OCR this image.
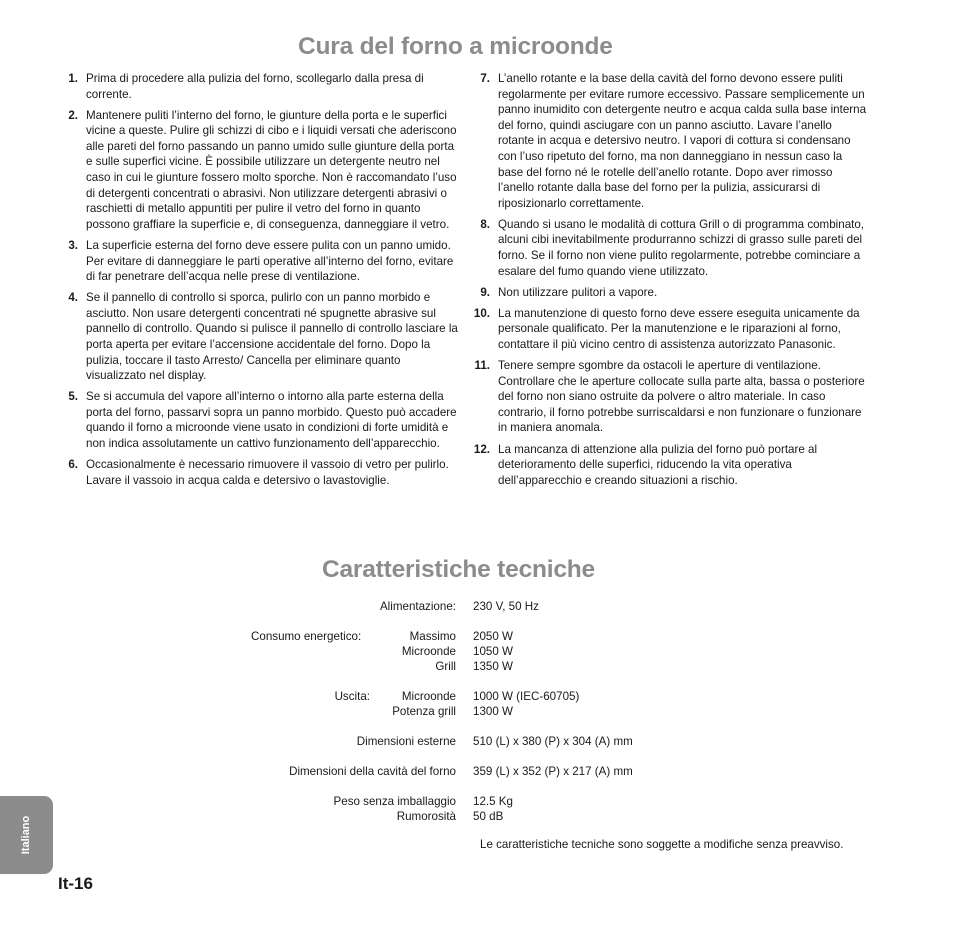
Cura del forno a microonde
1. Prima di procedere alla pulizia del forno, scollegarlo dalla presa di corrente.
2. Mantenere puliti l’interno del forno, le giunture della porta e le superfici vicine a queste. Pulire gli schizzi di cibo e i liquidi versati che aderiscono alle pareti del forno passando un panno umido sulle giunture della porta e sulle superfici vicine. È possibile utilizzare un detergente neutro nel caso in cui le giunture fossero molto sporche. Non è raccomandato l’uso di detergenti concentrati o abrasivi. Non utilizzare detergenti abrasivi o raschietti di metallo appuntiti per pulire il vetro del forno in quanto possono graffiare la superficie e, di conseguenza, danneggiare il vetro.
3. La superficie esterna del forno deve essere pulita con un panno umido. Per evitare di danneggiare le parti operative all’interno del forno, evitare di far penetrare dell’acqua nelle prese di ventilazione.
4. Se il pannello di controllo si sporca, pulirlo con un panno morbido e asciutto. Non usare detergenti concentrati né spugnette abrasive sul pannello di controllo. Quando si pulisce il pannello di controllo lasciare la porta aperta per evitare l’accensione accidentale del forno. Dopo la pulizia, toccare il tasto Arresto/ Cancella per eliminare quanto visualizzato nel display.
5. Se si accumula del vapore all’interno o intorno alla parte esterna della porta del forno, passarvi sopra un panno morbido. Questo può accadere quando il forno a microonde viene usato in condizioni di forte umidità e non indica assolutamente un cattivo funzionamento dell’apparecchio.
6. Occasionalmente è necessario rimuovere il vassoio di vetro per pulirlo. Lavare il vassoio in acqua calda e detersivo o lavastoviglie.
7. L’anello rotante e la base della cavità del forno devono essere puliti regolarmente per evitare rumore eccessivo. Passare semplicemente un panno inumidito con detergente neutro e acqua calda sulla base interna del forno, quindi asciugare con un panno asciutto. Lavare l’anello rotante in acqua e detersivo neutro. I vapori di cottura si condensano con l’uso ripetuto del forno, ma non danneggiano in nessun caso la base del forno né le rotelle dell’anello rotante. Dopo aver rimosso l’anello rotante dalla base del forno per la pulizia, assicurarsi di riposizionarlo correttamente.
8. Quando si usano le modalità di cottura Grill o di programma combinato, alcuni cibi inevitabilmente produrranno schizzi di grasso sulle pareti del forno. Se il forno non viene pulito regolarmente, potrebbe cominciare a esalare del fumo quando viene utilizzato.
9. Non utilizzare pulitori a vapore.
10. La manutenzione di questo forno deve essere eseguita unicamente da personale qualificato. Per la manutenzione e le riparazioni al forno, contattare il più vicino centro di assistenza autorizzato Panasonic.
11. Tenere sempre sgombre da ostacoli le aperture di ventilazione. Controllare che le aperture collocate sulla parte alta, bassa o posteriore del forno non siano ostruite da polvere o altro materiale. In caso contrario, il forno potrebbe surriscaldarsi e non funzionare o funzionare in maniera anomala.
12. La mancanza di attenzione alla pulizia del forno può portare al deterioramento delle superfici, riducendo la vita operativa dell’apparecchio e creando situazioni a rischio.
Caratteristiche tecniche
Alimentazione: 230 V, 50 Hz
Consumo energetico:	Massimo 2050 W
Microonde 1050 W
Grill 1350 W
Uscita:	Microonde 1000 W (IEC-60705)
Potenza grill 1300 W
Dimensioni esterne 510 (L) x 380 (P) x 304 (A) mm
Dimensioni della cavità del forno 359 (L) x 352 (P) x 217 (A) mm
Peso senza imballaggio 12.5 Kg
Rumorosità 50 dB
Le caratteristiche tecniche sono soggette a modifiche senza preavviso.
Italiano
It-16
